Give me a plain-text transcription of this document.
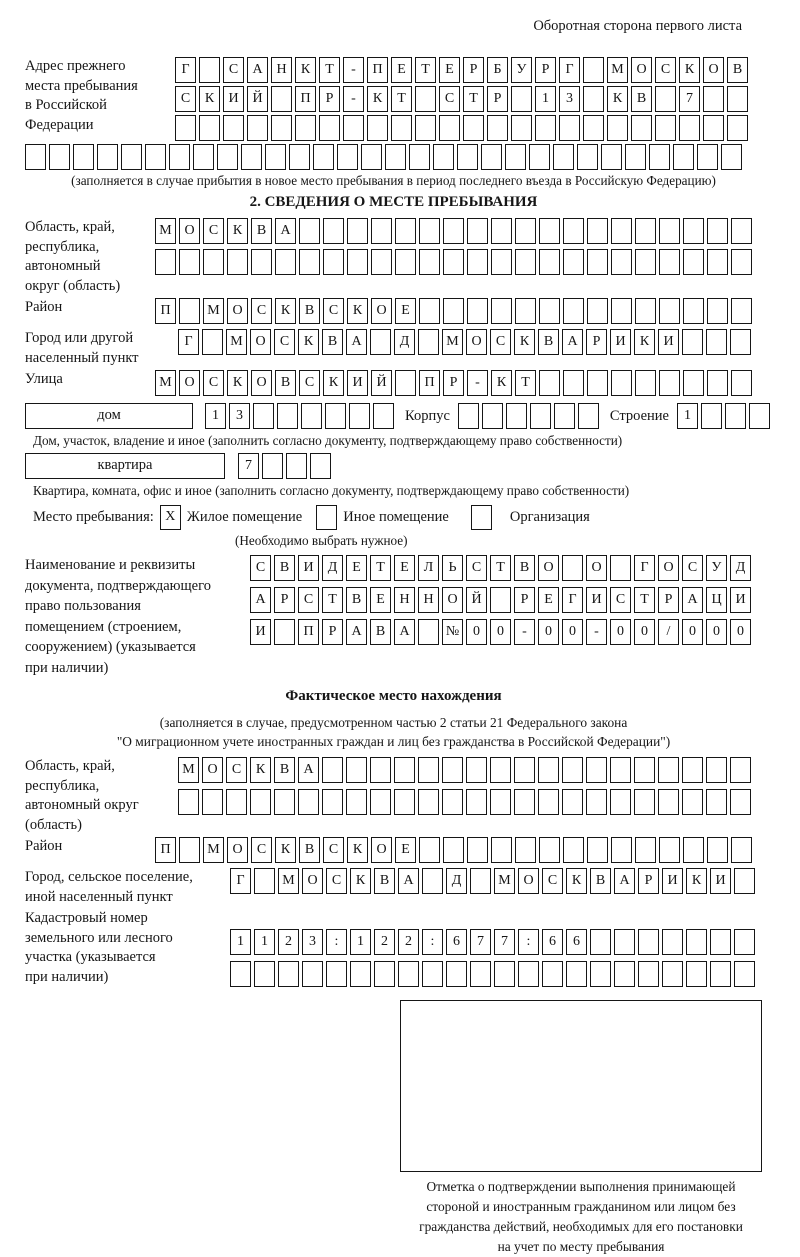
Оборотная сторона первого листа
Адрес прежнего
места пребывания
в Российской
Федерации
Г	С	А Н	К	Т	-	П	Е	Т	Е	Р	Б	У	Р	Г	М О	С	К	О	В
С	К	И Й	П	Р	-	К	Т	С	Т	Р	1	3	К	В	7
(заполняется в случае прибытия в новое место пребывания в период последнего въезда в Российскую Федерацию)
2. СВЕДЕНИЯ О МЕСТЕ ПРЕБЫВАНИЯ
Область, край,
республика,
автономный
округ (область)
М О	С	К	В	А
Район	П	М О	С	К	В	С	К	О	Е
Город или другой
населенный пункт
Г	М О	С	К	В	А	Д	М О	С	К	В	А	Р	И	К	И
Улица	М О	С	К	О	В	С	К	И Й	П	Р	-	К	Т
дом	1	3	Корпус	Строение	1
Дом, участок, владение и иное (заполнить согласно документу, подтверждающему право собственности)
квартира	7
Квартира, комната, офис и иное (заполнить согласно документу, подтверждающему право собственности)
Место пребывания: X Жилое помещение	Иное помещение	Организация
(Необходимо выбрать нужное)
Наименование и реквизиты
документа, подтверждающего
право пользования
помещением (строением,
сооружением) (указывается
при наличии)
С	В	И	Д	Е	Т	Е	Л	Ь	С	Т	В	О	О	Г	О	С	У	Д
А	Р	С	Т	В	Е	Н Н О Й	Р	Е	Г	И	С	Т	Р	А Ц И
И	П	Р	А	В	А	№ 0	0	-	0	0	-	0	0	/	0	0	0
Фактическое место нахождения
(заполняется в случае, предусмотренном частью 2 статьи 21 Федерального закона
"О миграционном учете иностранных граждан и лиц без гражданства в Российской Федерации")
Область, край,
республика,
автономный округ
(область)
М О	С	К	В	А
Район	П	М О	С	К	В	С	К	О	Е
Город, сельское поселение,
иной населенный пункт
Г	М О	С	К	В	А	Д	М О	С	К	В	А	Р	И	К	И
Кадастровый номер
земельного или лесного
участка (указывается
при наличии)
1	1	2	3	:	1	2	2	:	6	7	7	:	6	6
Отметка о подтверждении выполнения принимающей
стороной и иностранным гражданином или лицом без
гражданства действий, необходимых для его постановки
на учет по месту пребывания
